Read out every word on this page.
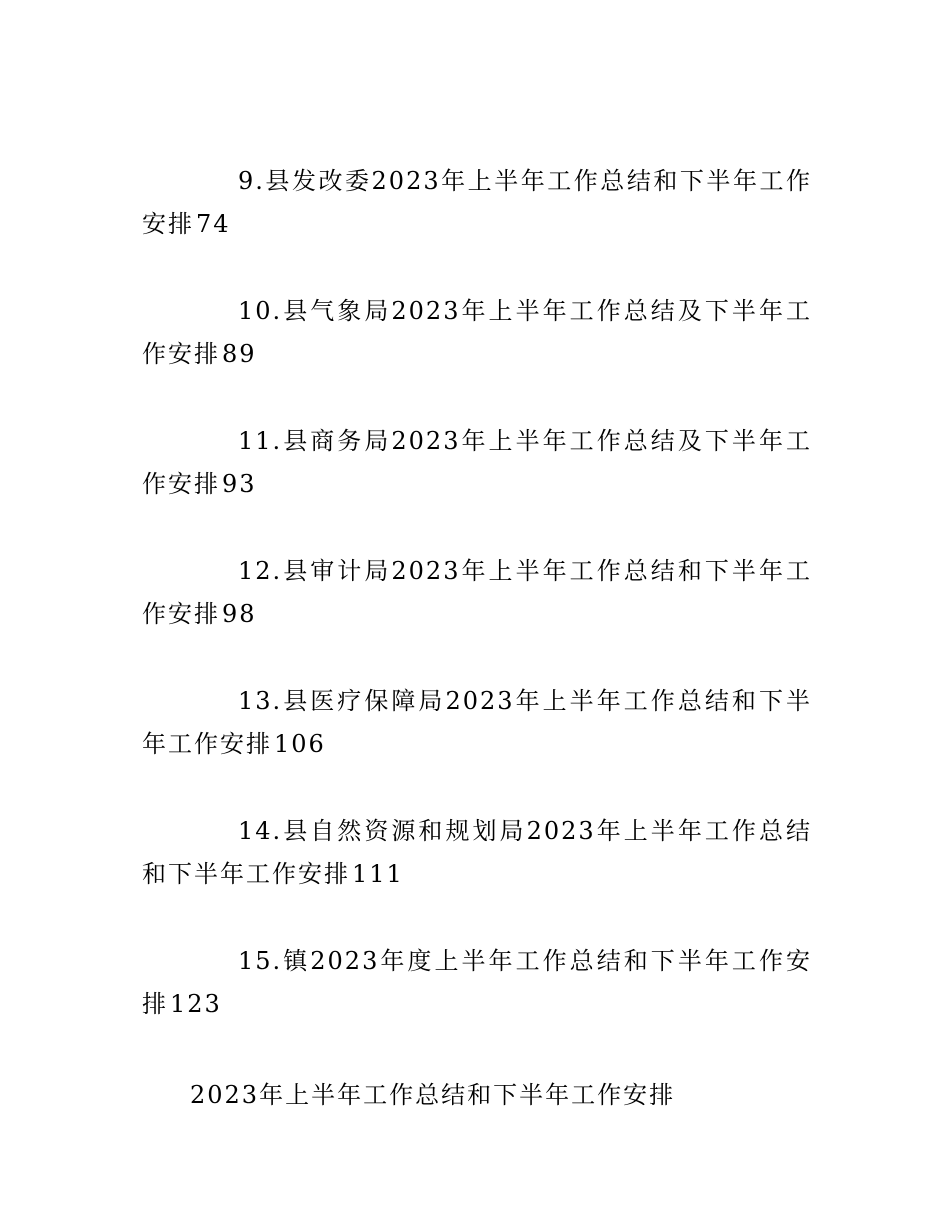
9.县发改委2023年上半年工作总结和下半年工作安排74
10.县气象局2023年上半年工作总结及下半年工作安排89
11.县商务局2023年上半年工作总结及下半年工作安排93
12.县审计局2023年上半年工作总结和下半年工作安排98
13.县医疗保障局2023年上半年工作总结和下半年工作安排106
14.县自然资源和规划局2023年上半年工作总结和下半年工作安排111
15.镇2023年度上半年工作总结和下半年工作安排123
2023年上半年工作总结和下半年工作安排
